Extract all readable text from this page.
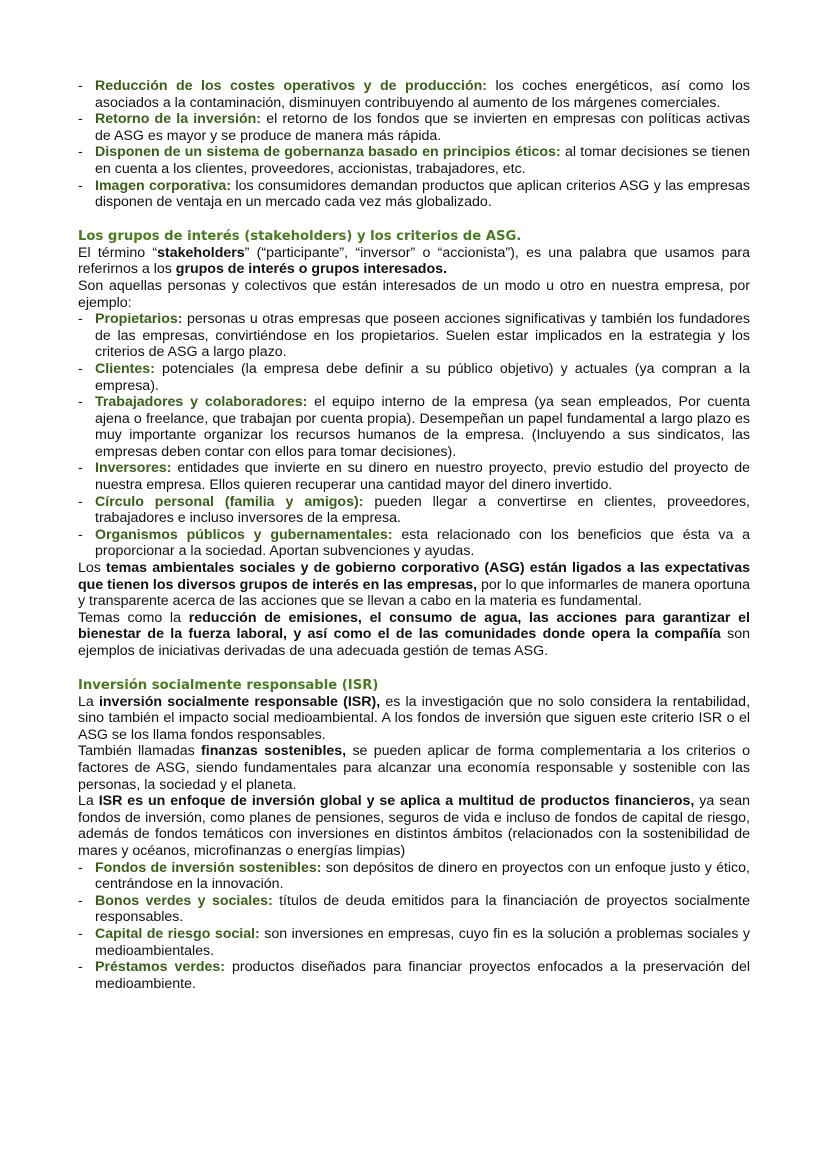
- Reducción de los costes operativos y de producción: los coches energéticos, así como los asociados a la contaminación, disminuyen contribuyendo al aumento de los márgenes comerciales.
- Retorno de la inversión: el retorno de los fondos que se invierten en empresas con políticas activas de ASG es mayor y se produce de manera más rápida.
- Disponen de un sistema de gobernanza basado en principios éticos: al tomar decisiones se tienen en cuenta a los clientes, proveedores, accionistas, trabajadores, etc.
- Imagen corporativa: los consumidores demandan productos que aplican criterios ASG y las empresas disponen de ventaja en un mercado cada vez más globalizado.
Los grupos de interés (stakeholders) y los criterios de ASG.

El término “stakeholders” (“participante”, “inversor” o “accionista”), es una palabra que usamos para referirnos a los grupos de interés o grupos interesados.

Son aquellas personas y colectivos que están interesados de un modo u otro en nuestra empresa, por ejemplo:

- Propietarios: personas u otras empresas que poseen acciones significativas y también los fundadores de las empresas, convirtiéndose en los propietarios. Suelen estar implicados en la estrategia y los criterios de ASG a largo plazo.
- Clientes: potenciales (la empresa debe definir a su público objetivo) y actuales (ya compran a la empresa).
- Trabajadores y colaboradores: el equipo interno de la empresa (ya sean empleados, Por cuenta ajena o freelance, que trabajan por cuenta propia). Desempeñan un papel fundamental a largo plazo es muy importante organizar los recursos humanos de la empresa. (Incluyendo a sus sindicatos, las empresas deben contar con ellos para tomar decisiones).
- Inversores: entidades que invierte en su dinero en nuestro proyecto, previo estudio del proyecto de nuestra empresa. Ellos quieren recuperar una cantidad mayor del dinero invertido.
- Círculo personal (familia y amigos): pueden llegar a convertirse en clientes, proveedores, trabajadores e incluso inversores de la empresa.
- Organismos públicos y gubernamentales: esta relacionado con los beneficios que ésta va a proporcionar a la sociedad. Aportan subvenciones y ayudas.

Los temas ambientales sociales y de gobierno corporativo (ASG) están ligados a las expectativas que tienen los diversos grupos de interés en las empresas, por lo que informarles de manera oportuna y transparente acerca de las acciones que se llevan a cabo en la materia es fundamental.

Temas como la reducción de emisiones, el consumo de agua, las acciones para garantizar el bienestar de la fuerza laboral, y así como el de las comunidades donde opera la compañía son ejemplos de iniciativas derivadas de una adecuada gestión de temas ASG.

Inversión socialmente responsable (ISR)

La inversión socialmente responsable (ISR), es la investigación que no solo considera la rentabilidad, sino también el impacto social medioambiental. A los fondos de inversión que siguen este criterio ISR o el ASG se los llama fondos responsables.

También llamadas finanzas sostenibles, se pueden aplicar de forma complementaria a los criterios o factores de ASG, siendo fundamentales para alcanzar una economía responsable y sostenible con las personas, la sociedad y el planeta.

La ISR es un enfoque de inversión global y se aplica a multitud de productos financieros, ya sean fondos de inversión, como planes de pensiones, seguros de vida e incluso de fondos de capital de riesgo, además de fondos temáticos con inversiones en distintos ámbitos (relacionados con la sostenibilidad de mares y océanos, microfinanzas o energías limpias)

- Fondos de inversión sostenibles: son depósitos de dinero en proyectos con un enfoque justo y ético, centrándose en la innovación.
- Bonos verdes y sociales: títulos de deuda emitidos para la financiación de proyectos socialmente responsables.
- Capital de riesgo social: son inversiones en empresas, cuyo fin es la solución a problemas sociales y medioambientales.
- Préstamos verdes: productos diseñados para financiar proyectos enfocados a la preservación del medioambiente.
